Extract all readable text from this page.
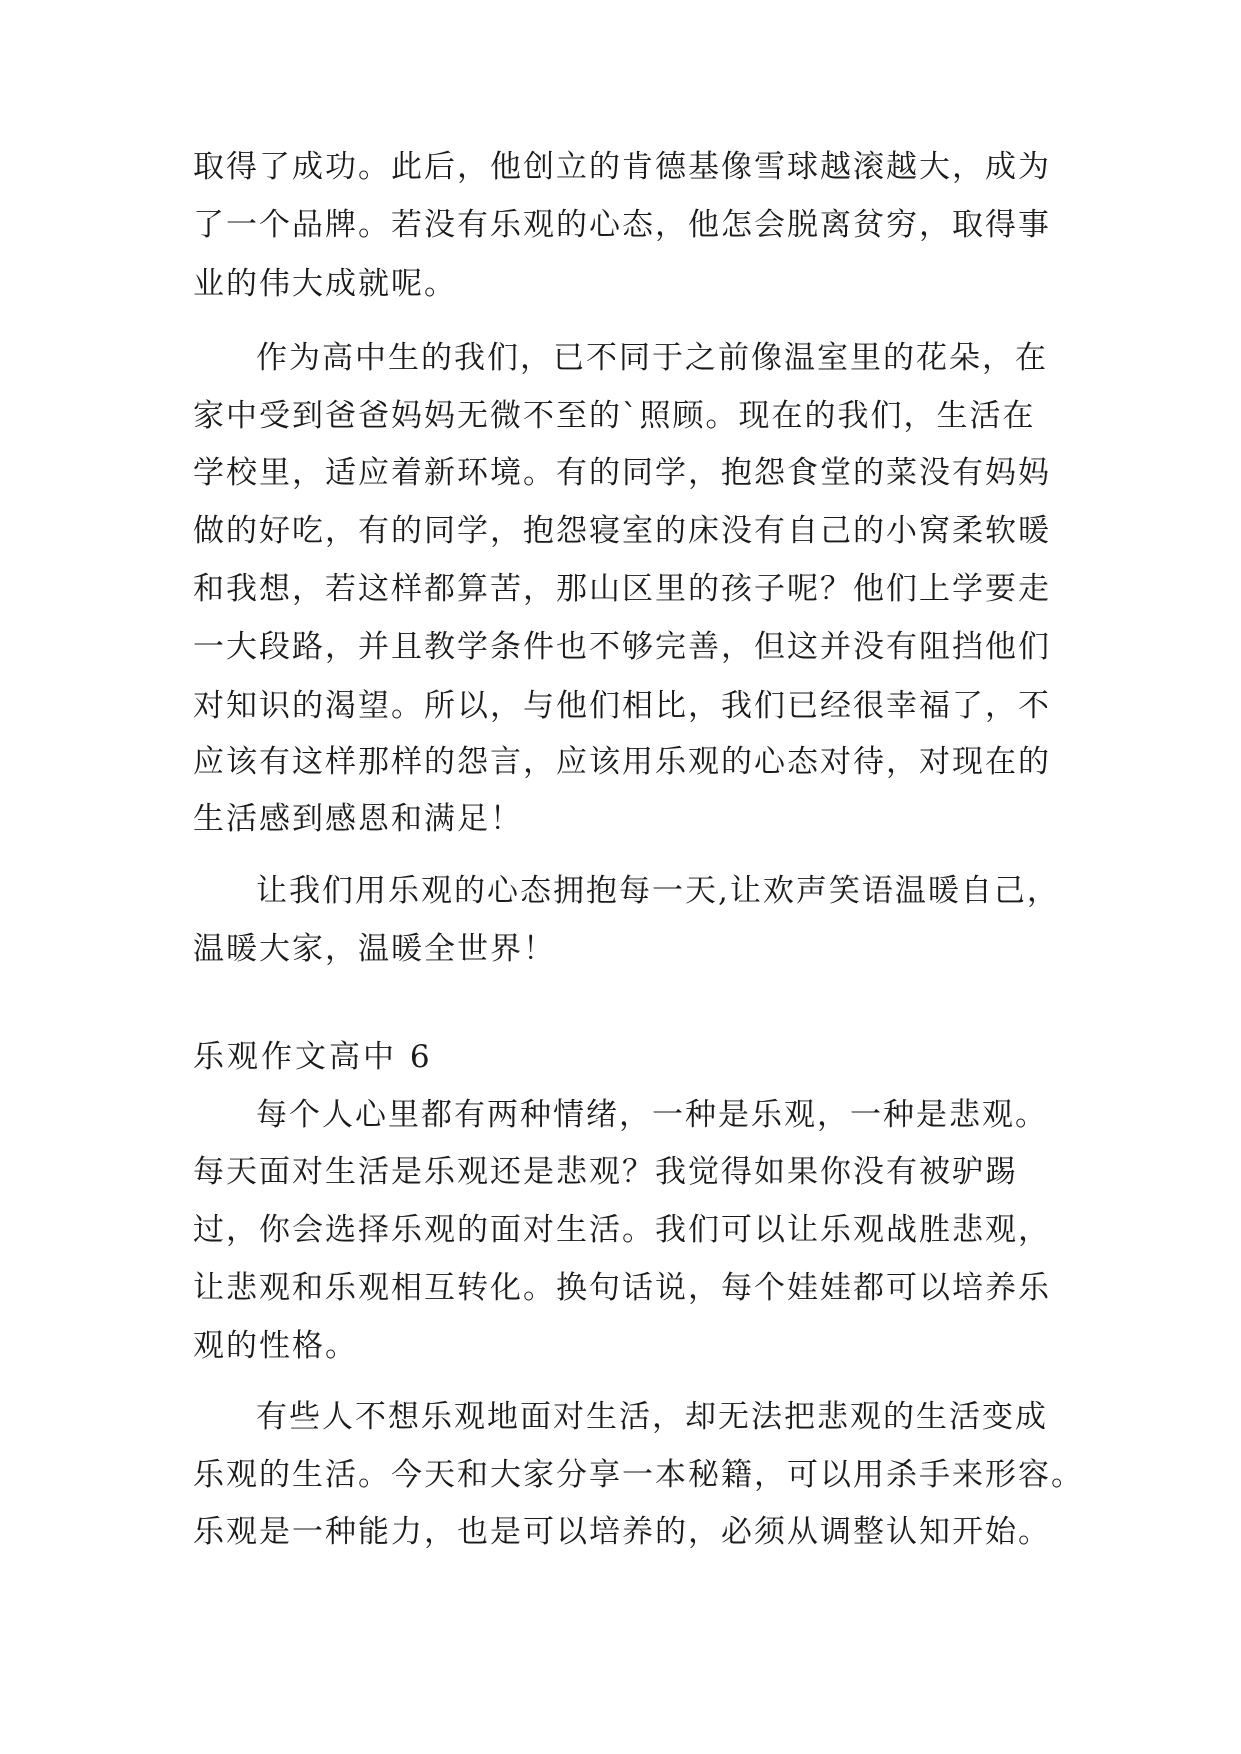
取得了成功。此后，他创立的肯德基像雪球越滚越大，成为
了一个品牌。若没有乐观的心态，他怎会脱离贫穷，取得事
业的伟大成就呢。
作为高中生的我们，已不同于之前像温室里的花朵，在
家中受到爸爸妈妈无微不至的`照顾。现在的我们，生活在
学校里，适应着新环境。有的同学，抱怨食堂的菜没有妈妈
做的好吃，有的同学，抱怨寝室的床没有自己的小窝柔软暖
和我想，若这样都算苦，那山区里的孩子呢？他们上学要走
一大段路，并且教学条件也不够完善，但这并没有阻挡他们
对知识的渴望。所以，与他们相比，我们已经很幸福了，不
应该有这样那样的怨言，应该用乐观的心态对待，对现在的
生活感到感恩和满足！
让我们用乐观的心态拥抱每一天,让欢声笑语温暖自己，
温暖大家，温暖全世界！
乐观作文高中 6
每个人心里都有两种情绪，一种是乐观，一种是悲观。
每天面对生活是乐观还是悲观？我觉得如果你没有被驴踢
过，你会选择乐观的面对生活。我们可以让乐观战胜悲观，
让悲观和乐观相互转化。换句话说，每个娃娃都可以培养乐
观的性格。
有些人不想乐观地面对生活，却无法把悲观的生活变成
乐观的生活。今天和大家分享一本秘籍，可以用杀手来形容。
乐观是一种能力，也是可以培养的，必须从调整认知开始。
